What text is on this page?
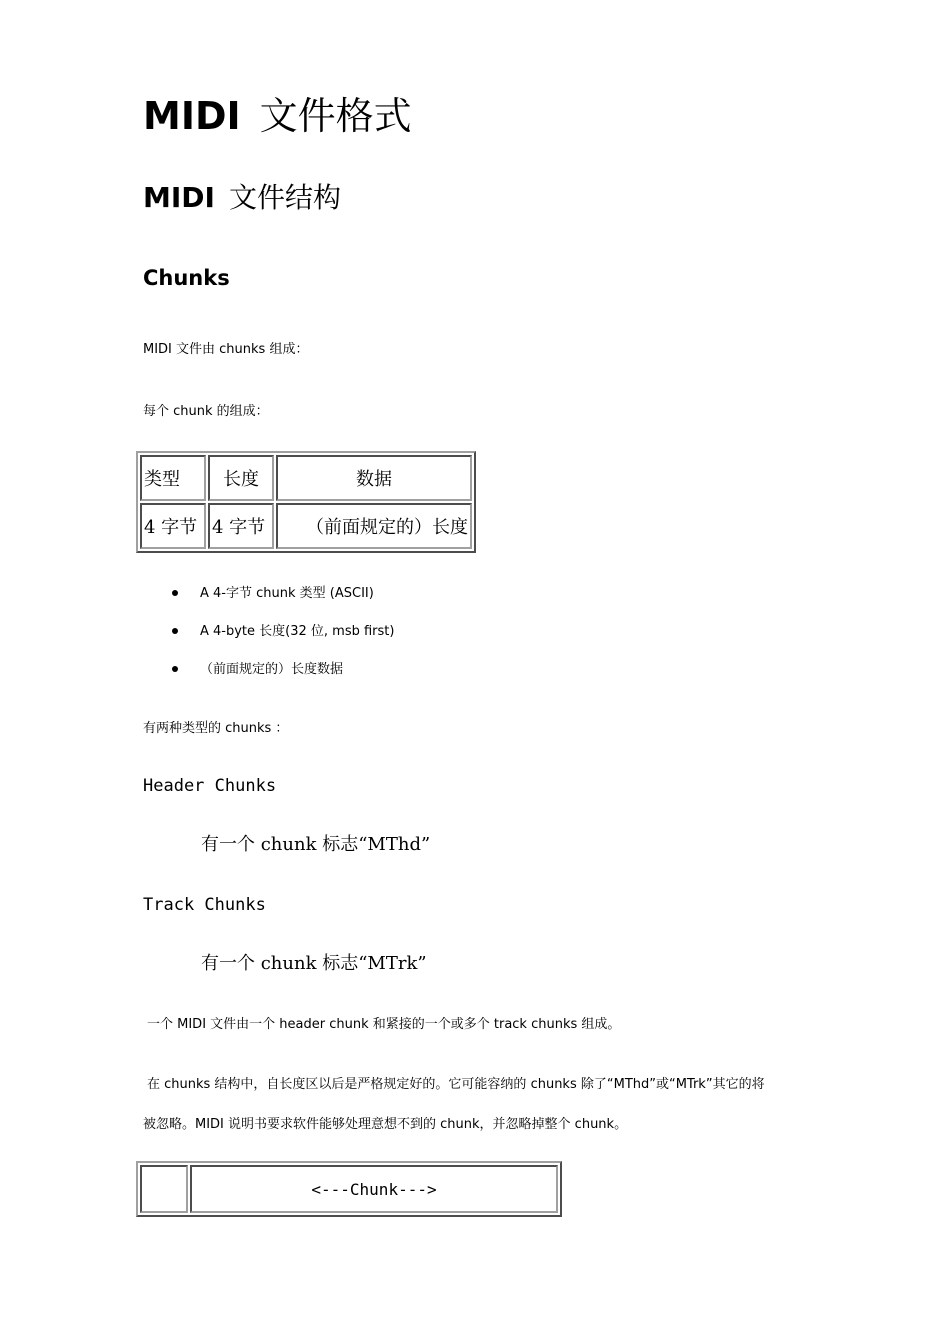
MIDI 文件格式
MIDI 文件结构
Chunks
MIDI 文件由 chunks 组成：
每个 chunk 的组成：
类型	长度	数据
4 字节	4 字节	（前面规定的）长度
A 4-字节 chunk 类型 (ASCII)
A 4-byte 长度(32 位, msb first)
（前面规定的）长度数据
有两种类型的 chunks ：
Header Chunks
有一个 chunk 标志“MThd”
Track Chunks
有一个 chunk 标志“MTrk”
一个 MIDI 文件由一个 header chunk 和紧接的一个或多个 track chunks 组成。
在 chunks 结构中，自长度区以后是严格规定好的。它可能容纳的 chunks 除了“MThd”或“MTrk”其它的将
被忽略。MIDI 说明书要求软件能够处理意想不到的 chunk，并忽略掉整个 chunk。
	<---Chunk--->
